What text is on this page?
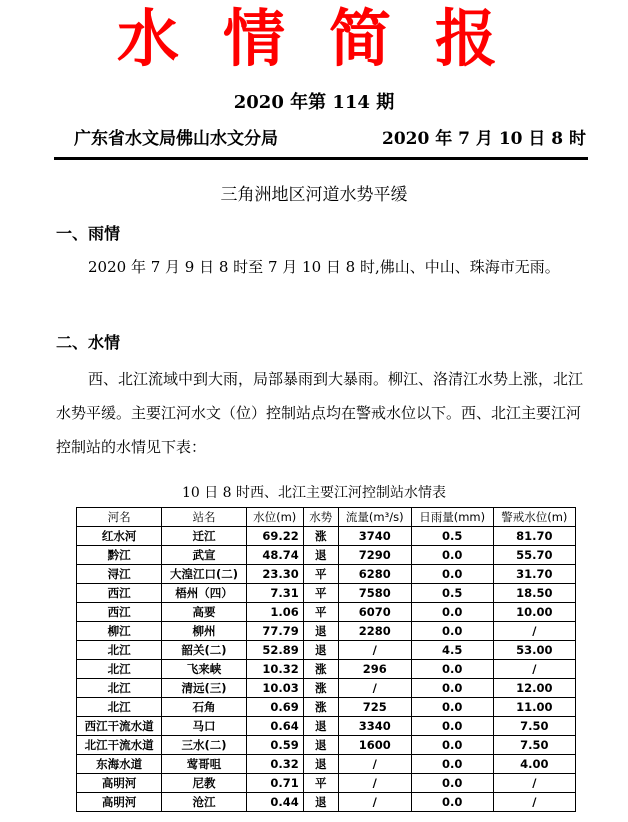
水情简报
2020 年第 114 期
广东省水文局佛山水文分局	2020 年 7 月 10 日 8 时
三角洲地区河道水势平缓
一、雨情
2020 年 7 月 9 日 8 时至 7 月 10 日 8 时,佛山、中山、珠海市无雨。
二、水情
西、北江流域中到大雨，局部暴雨到大暴雨。柳江、洛清江水势上涨，北江水势平缓。主要江河水文（位）控制站点均在警戒水位以下。西、北江主要江河控制站的水情见下表：
10 日 8 时西、北江主要江河控制站水情表
河名	站名	水位(m)	水势	流量(m³/s)	日雨量(mm)	警戒水位(m)
红水河	迁江	69.22	涨	3740	0.5	81.70
黔江	武宣	48.74	退	7290	0.0	55.70
浔江	大湟江口(二)	23.30	平	6280	0.0	31.70
西江	梧州（四）	7.31	平	7580	0.5	18.50
西江	高要	1.06	平	6070	0.0	10.00
柳江	柳州	77.79	退	2280	0.0	/
北江	韶关(二)	52.89	退	/	4.5	53.00
北江	飞来峡	10.32	涨	296	0.0	/
北江	清远(三)	10.03	涨	/	0.0	12.00
北江	石角	0.69	涨	725	0.0	11.00
西江干流水道	马口	0.64	退	3340	0.0	7.50
北江干流水道	三水(二)	0.59	退	1600	0.0	7.50
东海水道	莺哥咀	0.32	退	/	0.0	4.00
高明河	尼教	0.71	平	/	0.0	/
高明河	沧江	0.44	退	/	0.0	/
